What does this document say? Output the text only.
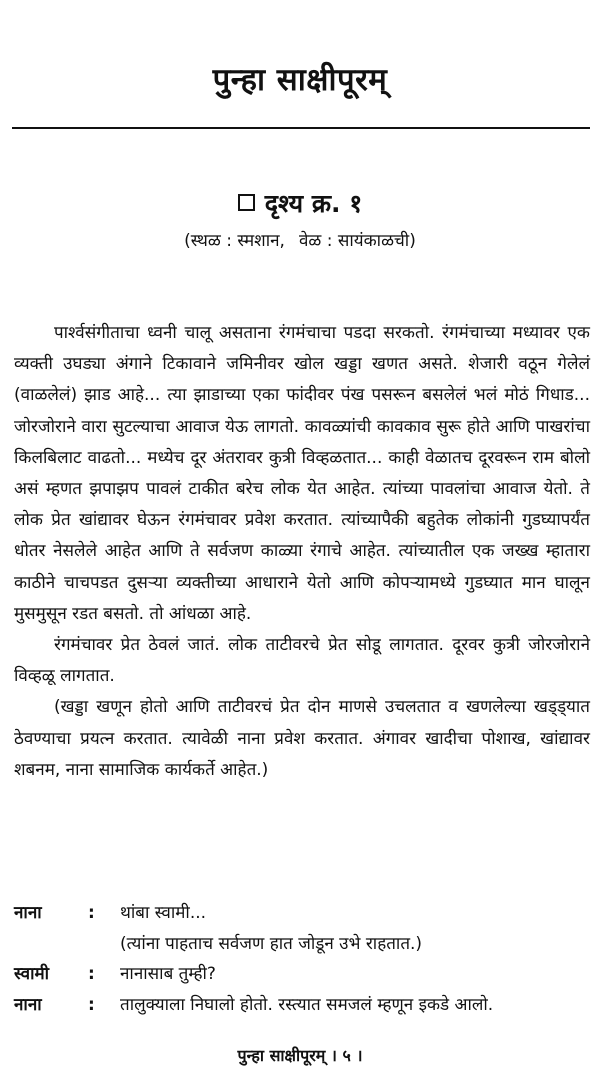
पुन्हा साक्षीपूरम्
दृश्य क्र. १
(स्थळ : स्मशान, वेळ : सायंकाळची)

पार्श्वसंगीताचा ध्वनी चालू असताना रंगमंचाचा पडदा सरकतो. रंगमंचाच्या मध्यावर एक व्यक्ती उघड्या अंगाने टिकावाने जमिनीवर खोल खड्डा खणत असते. शेजारी वठून गेलेलं (वाळलेलं) झाड आहे... त्या झाडाच्या एका फांदीवर पंख पसरून बसलेलं भलं मोठं गिधाड... जोरजोराने वारा सुटल्याचा आवाज येऊ लागतो. कावळ्यांची कावकाव सुरू होते आणि पाखरांचा किलबिलाट वाढतो... मध्येच दूर अंतरावर कुत्री विव्हळतात... काही वेळातच दूरवरून राम बोलो असं म्हणत झपाझप पावलं टाकीत बरेच लोक येत आहेत. त्यांच्या पावलांचा आवाज येतो. ते लोक प्रेत खांद्यावर घेऊन रंगमंचावर प्रवेश करतात. त्यांच्यापैकी बहुतेक लोकांनी गुडघ्यापर्यंत धोतर नेसलेले आहेत आणि ते सर्वजण काळ्या रंगाचे आहेत. त्यांच्यातील एक जख्ख म्हातारा काठीने चाचपडत दुसऱ्या व्यक्तीच्या आधाराने येतो आणि कोपऱ्यामध्ये गुडघ्यात मान घालून मुसमुसून रडत बसतो. तो आंधळा आहे.

रंगमंचावर प्रेत ठेवलं जातं. लोक ताटीवरचे प्रेत सोडू लागतात. दूरवर कुत्री जोरजोराने विव्हळू लागतात.

(खड्डा खणून होतो आणि ताटीवरचं प्रेत दोन माणसे उचलतात व खणलेल्या खड्ड्यात ठेवण्याचा प्रयत्न करतात. त्यावेळी नाना प्रवेश करतात. अंगावर खादीचा पोशाख, खांद्यावर शबनम, नाना सामाजिक कार्यकर्ते आहेत.)

नाना	:	थांबा स्वामी...
(त्यांना पाहताच सर्वजण हात जोडून उभे राहतात.)
स्वामी	:	नानासाब तुम्ही?
नाना	:	तालुक्याला निघालो होतो. रस्त्यात समजलं म्हणून इकडे आलो.
पुन्हा साक्षीपूरम् । ५ ।
